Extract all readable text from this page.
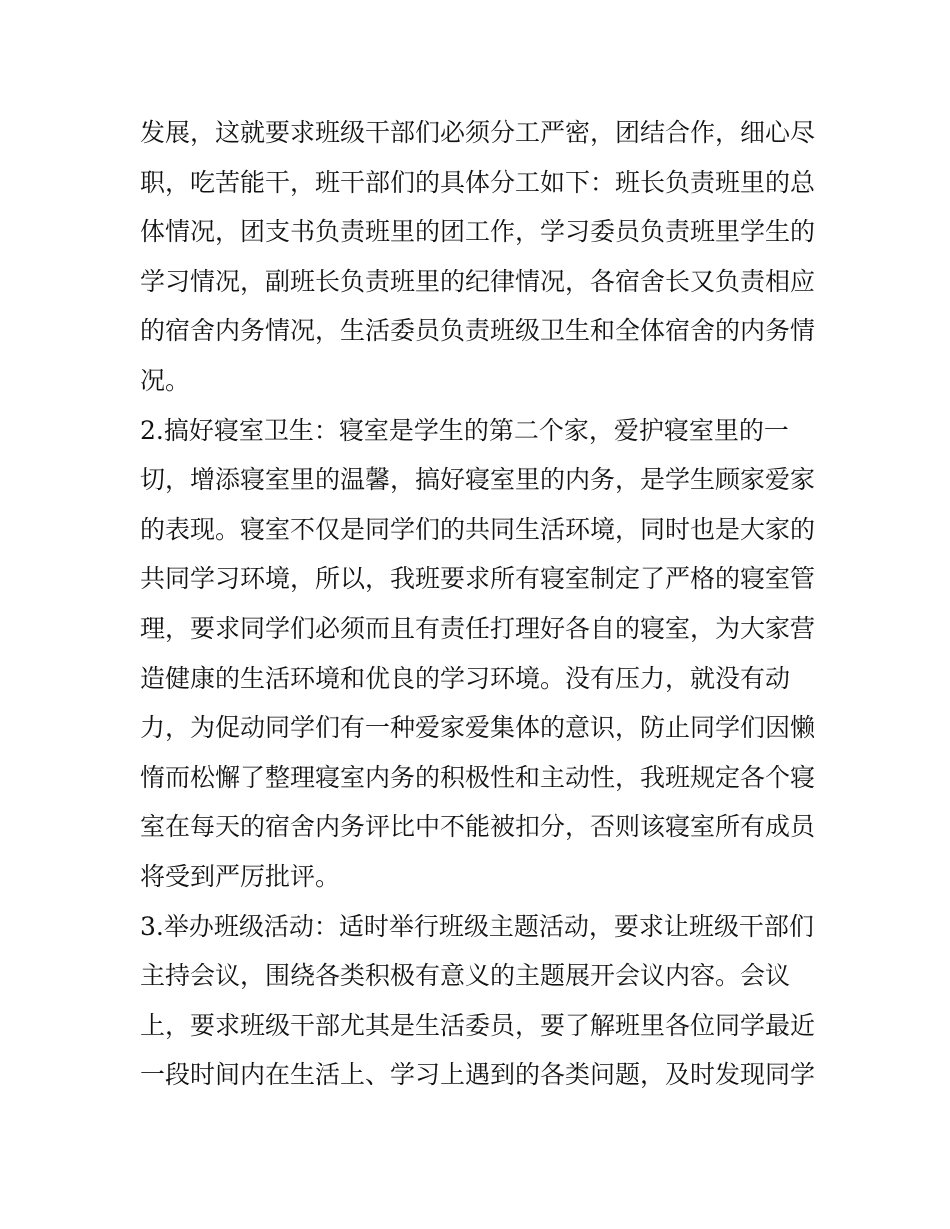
发展，这就要求班级干部们必须分工严密，团结合作，细心尽
职，吃苦能干，班干部们的具体分工如下：班长负责班里的总
体情况，团支书负责班里的团工作，学习委员负责班里学生的
学习情况，副班长负责班里的纪律情况，各宿舍长又负责相应
的宿舍内务情况，生活委员负责班级卫生和全体宿舍的内务情
况。
2.搞好寝室卫生：寝室是学生的第二个家，爱护寝室里的一
切，增添寝室里的温馨，搞好寝室里的内务，是学生顾家爱家
的表现。寝室不仅是同学们的共同生活环境，同时也是大家的
共同学习环境，所以，我班要求所有寝室制定了严格的寝室管
理，要求同学们必须而且有责任打理好各自的寝室，为大家营
造健康的生活环境和优良的学习环境。没有压力，就没有动
力，为促动同学们有一种爱家爱集体的意识，防止同学们因懒
惰而松懈了整理寝室内务的积极性和主动性，我班规定各个寝
室在每天的宿舍内务评比中不能被扣分，否则该寝室所有成员
将受到严厉批评。
3.举办班级活动：适时举行班级主题活动，要求让班级干部们
主持会议，围绕各类积极有意义的主题展开会议内容。会议
上，要求班级干部尤其是生活委员，要了解班里各位同学最近
一段时间内在生活上、学习上遇到的各类问题，及时发现同学
